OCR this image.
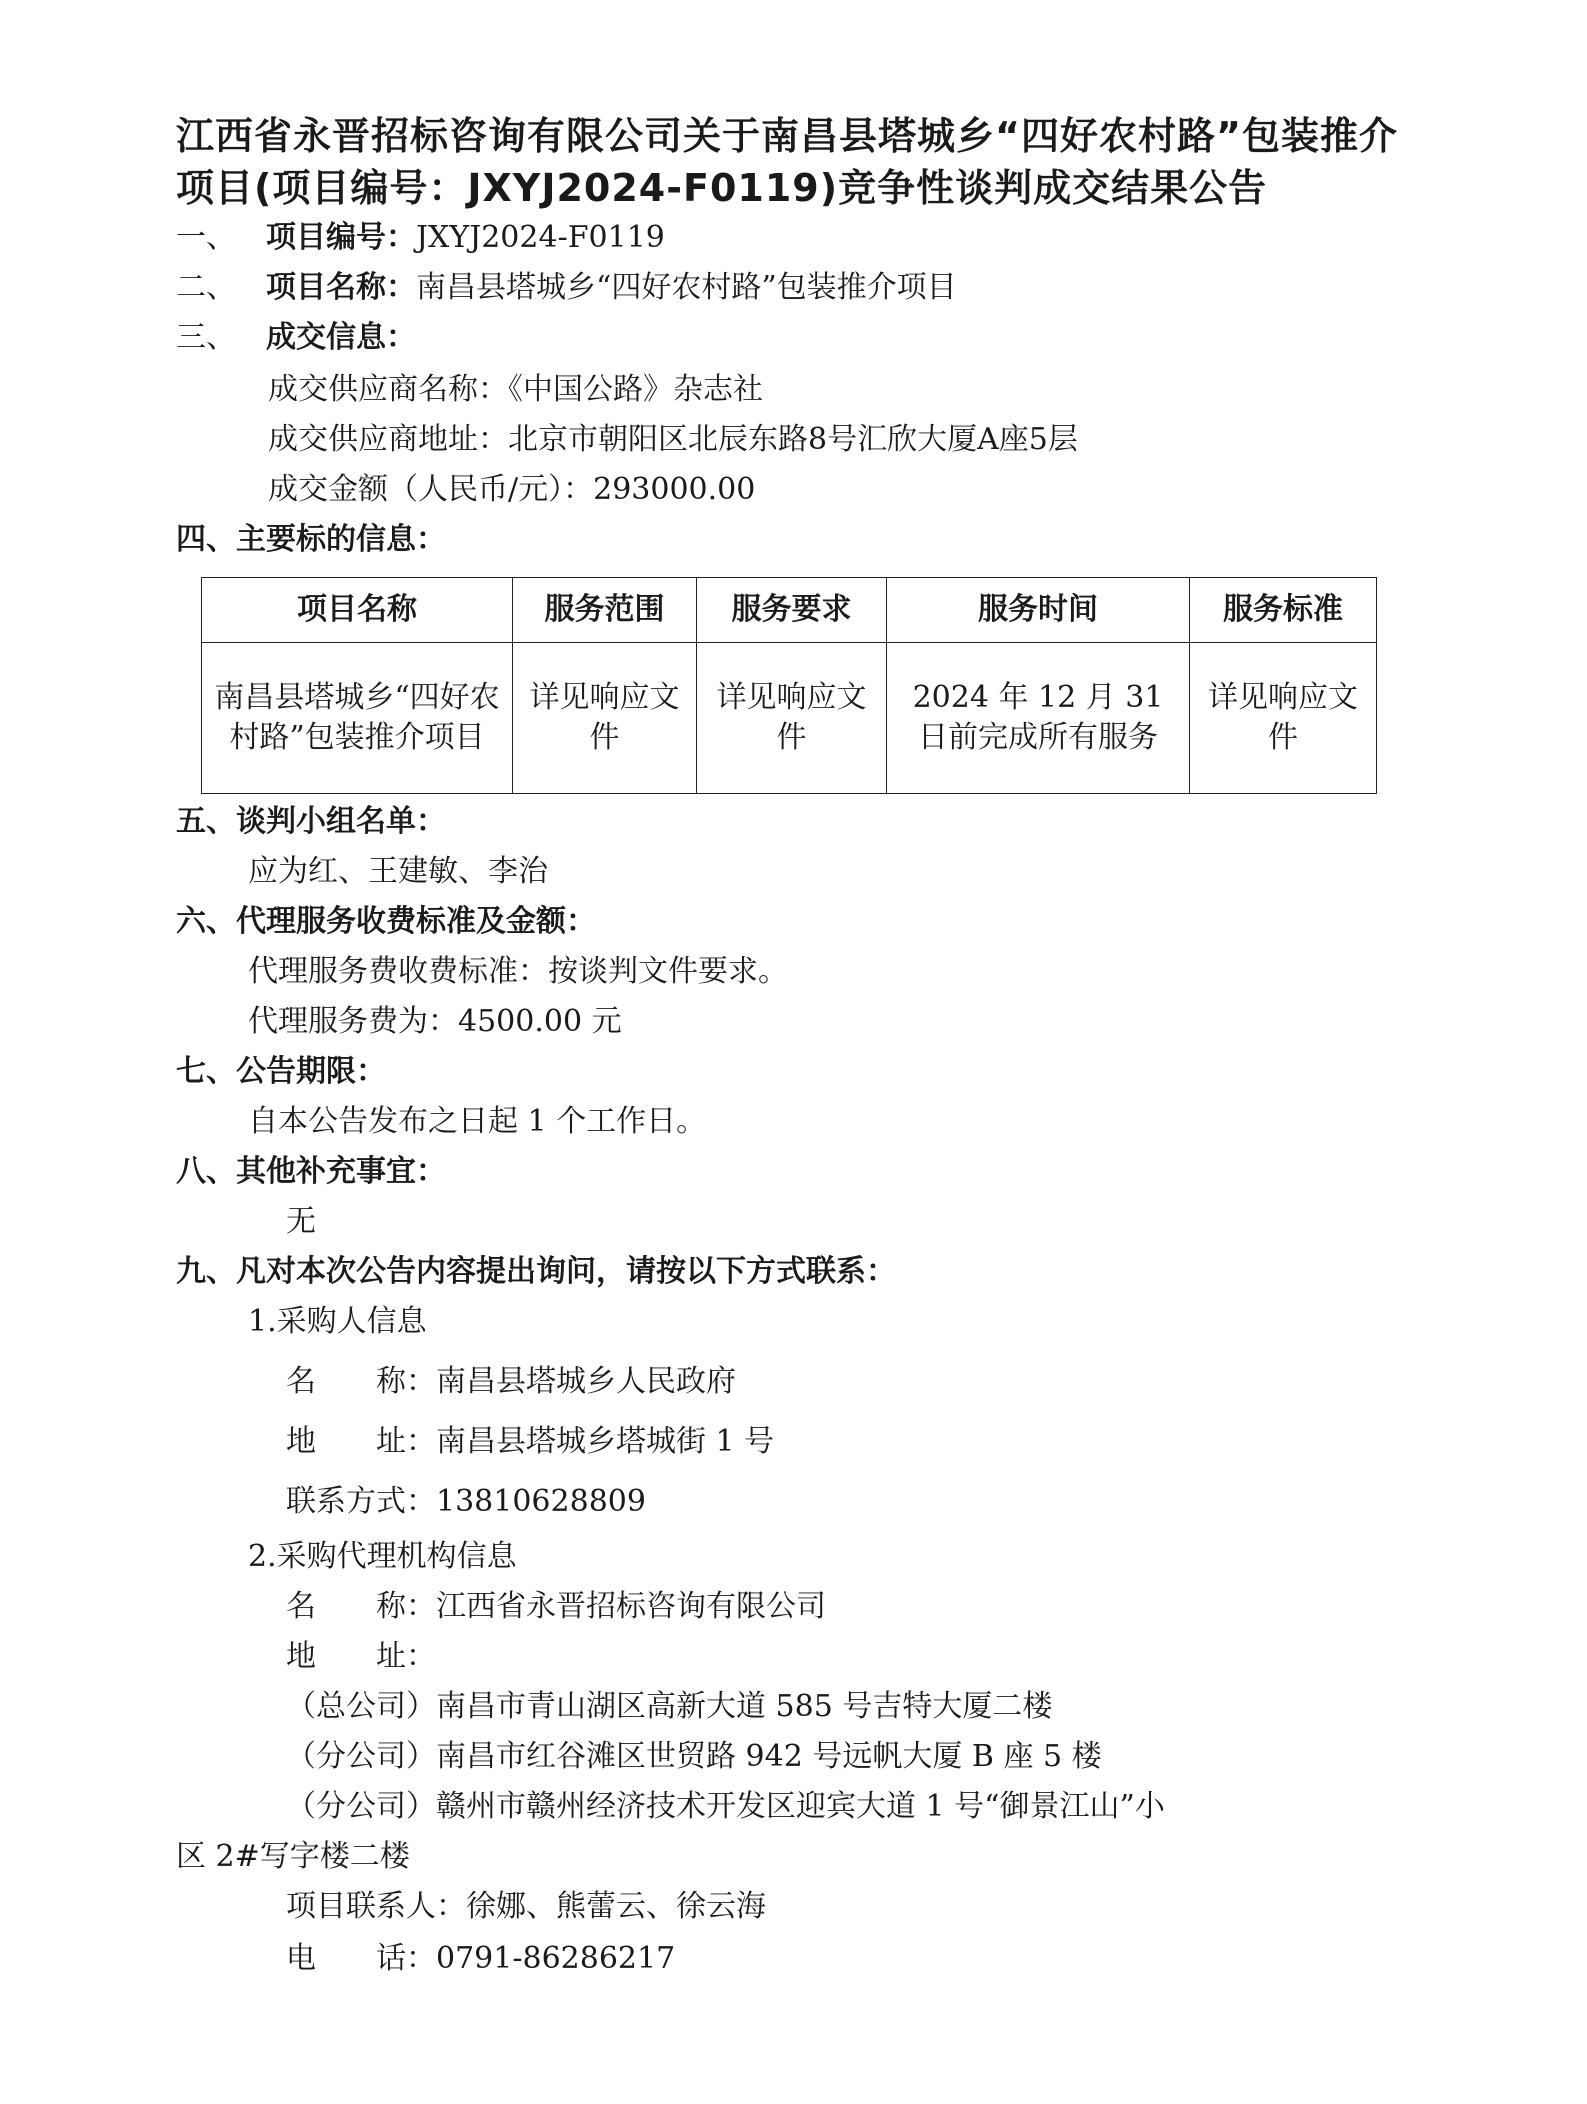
江西省永晋招标咨询有限公司关于南昌县塔城乡“四好农村路”包装推介项目(项目编号：JXYJ2024-F0119)竞争性谈判成交结果公告
一、 项目编号：JXYJ2024-F0119
二、 项目名称：南昌县塔城乡“四好农村路”包装推介项目
三、 成交信息：
成交供应商名称：《中国公路》杂志社
成交供应商地址：北京市朝阳区北辰东路8号汇欣大厦A座5层
成交金额（人民币/元）：293000.00
四、主要标的信息：
项目名称	服务范围	服务要求	服务时间	服务标准
南昌县塔城乡“四好农村路”包装推介项目	详见响应文件	详见响应文件	2024 年 12 月 31 日前完成所有服务	详见响应文件
五、谈判小组名单：
应为红、王建敏、李治
六、代理服务收费标准及金额：
代理服务费收费标准：按谈判文件要求。
代理服务费为：4500.00 元
七、公告期限：
自本公告发布之日起 1 个工作日。
八、其他补充事宜：
无
九、凡对本次公告内容提出询问，请按以下方式联系：
1.采购人信息
名　　称：南昌县塔城乡人民政府
地　　址：南昌县塔城乡塔城街 1 号
联系方式：13810628809
2.采购代理机构信息
名　　称：江西省永晋招标咨询有限公司
地　　址：
（总公司）南昌市青山湖区高新大道 585 号吉特大厦二楼
（分公司）南昌市红谷滩区世贸路 942 号远帆大厦 B 座 5 楼
（分公司）赣州市赣州经济技术开发区迎宾大道 1 号“御景江山”小
区 2#写字楼二楼
项目联系人：徐娜、熊蕾云、徐云海
电　　话：0791-86286217
